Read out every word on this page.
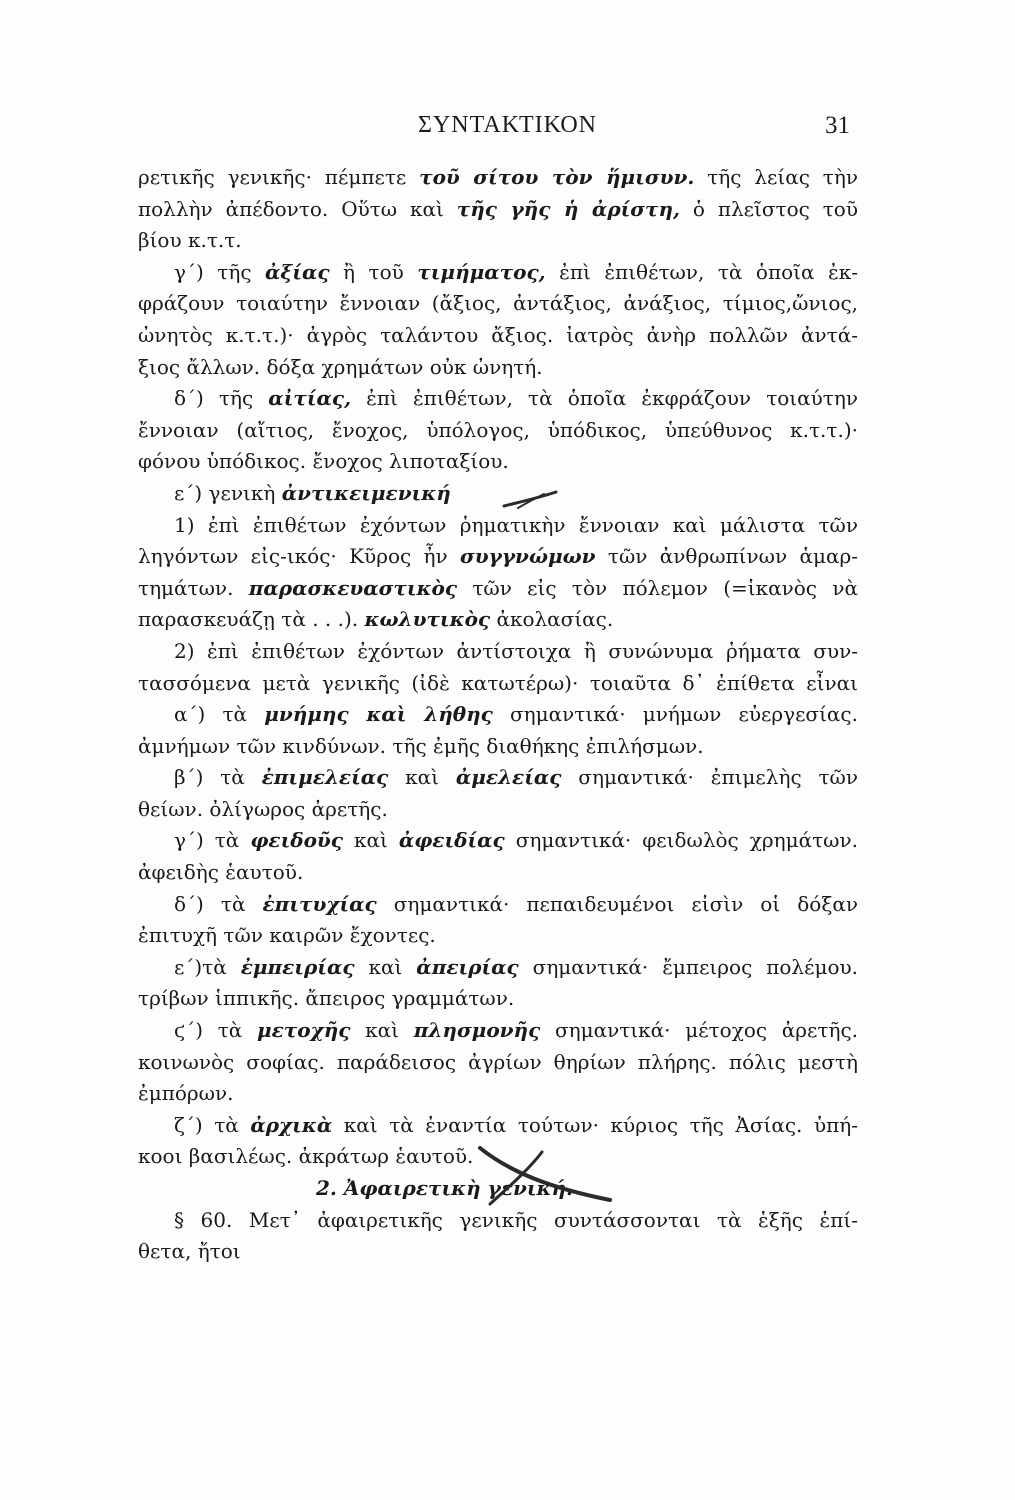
ΣΥΝΤΑΚΤΙΚΟΝ	31
ρετικῆς γενικῆς· πέμπετε τοῦ σίτου τὸν ἥμισυν. τῆς λείας τὴν
πολλὴν ἀπέδοντο. Οὕτω καὶ τῆς γῆς ἡ ἀρίστη, ὁ πλεῖστος τοῦ
βίου κ.τ.τ.
γ΄) τῆς ἀξίας ἢ τοῦ τιμήματος, ἐπὶ ἐπιθέτων, τὰ ὁποῖα ἐκ-
φράζουν τοιαύτην ἔννοιαν (ἄξιος, ἀντάξιος, ἀνάξιος, τίμιος,ὤνιος,
ὠνητὸς κ.τ.τ.)· ἀγρὸς ταλάντου ἄξιος. ἰατρὸς ἀνὴρ πολλῶν ἀντά-
ξιος ἄλλων. δόξα χρημάτων οὐκ ὠνητή.
δ΄) τῆς αἰτίας, ἐπὶ ἐπιθέτων, τὰ ὁποῖα ἐκφράζουν τοιαύτην
ἔννοιαν (αἴτιος, ἔνοχος, ὑπόλογος, ὑπόδικος, ὑπεύθυνος κ.τ.τ.)·
φόνου ὑπόδικος. ἔνοχος λιποταξίου.
ε΄) γενικὴ ἀντικειμενική
1) ἐπὶ ἐπιθέτων ἐχόντων ῥηματικὴν ἔννοιαν καὶ μάλιστα τῶν
ληγόντων εἰς-ικός· Κῦρος ἦν συγγνώμων τῶν ἀνθρωπίνων ἁμαρ-
τημάτων. παρασκευαστικὸς τῶν εἰς τὸν πόλεμον (=ἱκανὸς νὰ
παρασκευάζῃ τὰ . . .). κωλυτικὸς ἀκολασίας.
2) ἐπὶ ἐπιθέτων ἐχόντων ἀντίστοιχα ἢ συνώνυμα ῥήματα συν-
τασσόμενα μετὰ γενικῆς (ἰδὲ κατωτέρω)· τοιαῦτα δ᾿ ἐπίθετα εἶναι
α΄) τὰ μνήμης καὶ λήθης σημαντικά· μνήμων εὐεργεσίας.
ἀμνήμων τῶν κινδύνων. τῆς ἐμῆς διαθήκης ἐπιλήσμων.
β΄) τὰ ἐπιμελείας καὶ ἀμελείας σημαντικά· ἐπιμελὴς τῶν
θείων. ὀλίγωρος ἀρετῆς.
γ΄) τὰ φειδοῦς καὶ ἀφειδίας σημαντικά· φειδωλὸς χρημάτων.
ἀφειδὴς ἑαυτοῦ.
δ΄) τὰ ἐπιτυχίας σημαντικά· πεπαιδευμένοι εἰσὶν οἱ δόξαν
ἐπιτυχῆ τῶν καιρῶν ἔχοντες.
ε΄)τὰ ἐμπειρίας καὶ ἀπειρίας σημαντικά· ἔμπειρος πολέμου.
τρίβων ἱππικῆς. ἄπειρος γραμμάτων.
ϛ΄) τὰ μετοχῆς καὶ πλησμονῆς σημαντικά· μέτοχος ἀρετῆς.
κοινωνὸς σοφίας. παράδεισος ἀγρίων θηρίων πλήρης. πόλις μεστὴ
ἐμπόρων.
ζ΄) τὰ ἀρχικὰ καὶ τὰ ἐναντία τούτων· κύριος τῆς Ἀσίας. ὑπή-
κοοι βασιλέως. ἀκράτωρ ἑαυτοῦ.
2. Ἀφαιρετικὴ γενική.
§ 60. Μετ᾿ ἀφαιρετικῆς γενικῆς συντάσσονται τὰ ἑξῆς ἐπί-
θετα, ἤτοι
